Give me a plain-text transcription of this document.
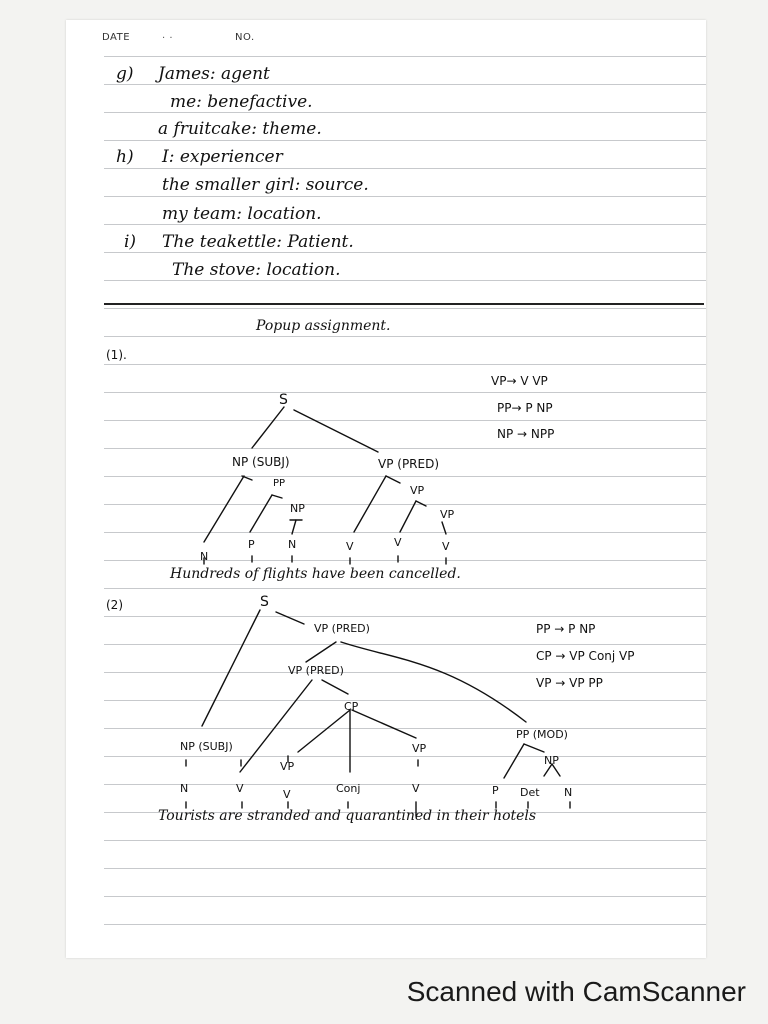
DATE	. .	NO.
g) James: agent
me: benefactive.
a fruitcake: theme.
h) I: experiencer
the smaller girl: source.
my team: location.
i) The teakettle: Patient.
The stove: location.
Popup assignment.
(1).
VP→ V VP
PP→ P NP
NP → NPP
S
NP (SUBJ)	VP (PRED)
PP
NP
VP
VP
N
P	N	V	V	V
S
VP (PRED)
VP (PRED)
CP
NP (SUBJ)
VP
VP
PP (MOD)
NP
N	V	V	Conj	V	P Det N
Hundreds of flights have been cancelled.
(2)
PP → P NP
CP → VP Conj VP
VP → VP PP
Tourists are stranded and quarantined in their hotels
Scanned with CamScanner
